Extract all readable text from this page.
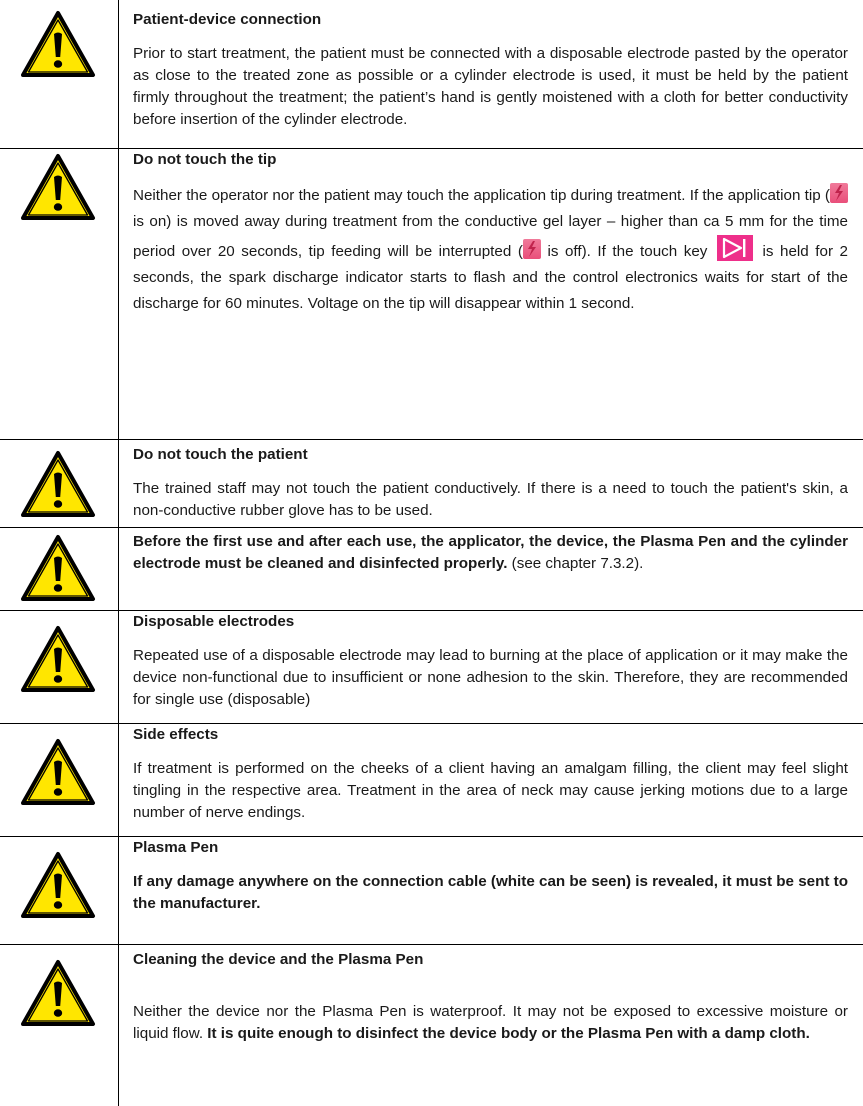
Patient-device connection
Prior to start treatment, the patient must be connected with a disposable electrode pasted by the operator as close to the treated zone as possible or a cylinder electrode is used, it must be held by the patient firmly throughout the treatment; the patient’s hand is gently moistened with a cloth for better conductivity before insertion of the cylinder electrode.
Do not touch the tip
Neither the operator nor the patient may touch the application tip during treatment. If the application tip (
is on) is moved away during treatment from the conductive gel layer – higher than ca 5 mm for the time period over 20 seconds, tip feeding will be interrupted (
is off). If the touch key	is held for 2 seconds, the spark discharge indicator starts to flash and the control electronics waits for start of the discharge for 60 minutes. Voltage on the tip will disappear within 1 second.
Do not touch the patient
The trained staff may not touch the patient conductively. If there is a need to touch the patient's skin, a non-conductive rubber glove has to be used.
Before the first use and after each use, the applicator, the device, the Plasma Pen and the cylinder electrode must be cleaned and disinfected properly. (see chapter 7.3.2).
Disposable electrodes
Repeated use of a disposable electrode may lead to burning at the place of application or it may make the device non-functional due to insufficient or none adhesion to the skin. Therefore, they are recommended for single use (disposable)
Side effects
If treatment is performed on the cheeks of a client having an amalgam filling, the client may feel slight tingling in the respective area. Treatment in the area of neck may cause jerking motions due to a large number of nerve endings.
Plasma Pen
If any damage anywhere on the connection cable (white can be seen) is revealed, it must be sent to the manufacturer.
Cleaning the device and the Plasma Pen
Neither the device nor the Plasma Pen is waterproof. It may not be exposed to excessive moisture or liquid flow. It is quite enough to disinfect the device body or the Plasma Pen with a damp cloth.
